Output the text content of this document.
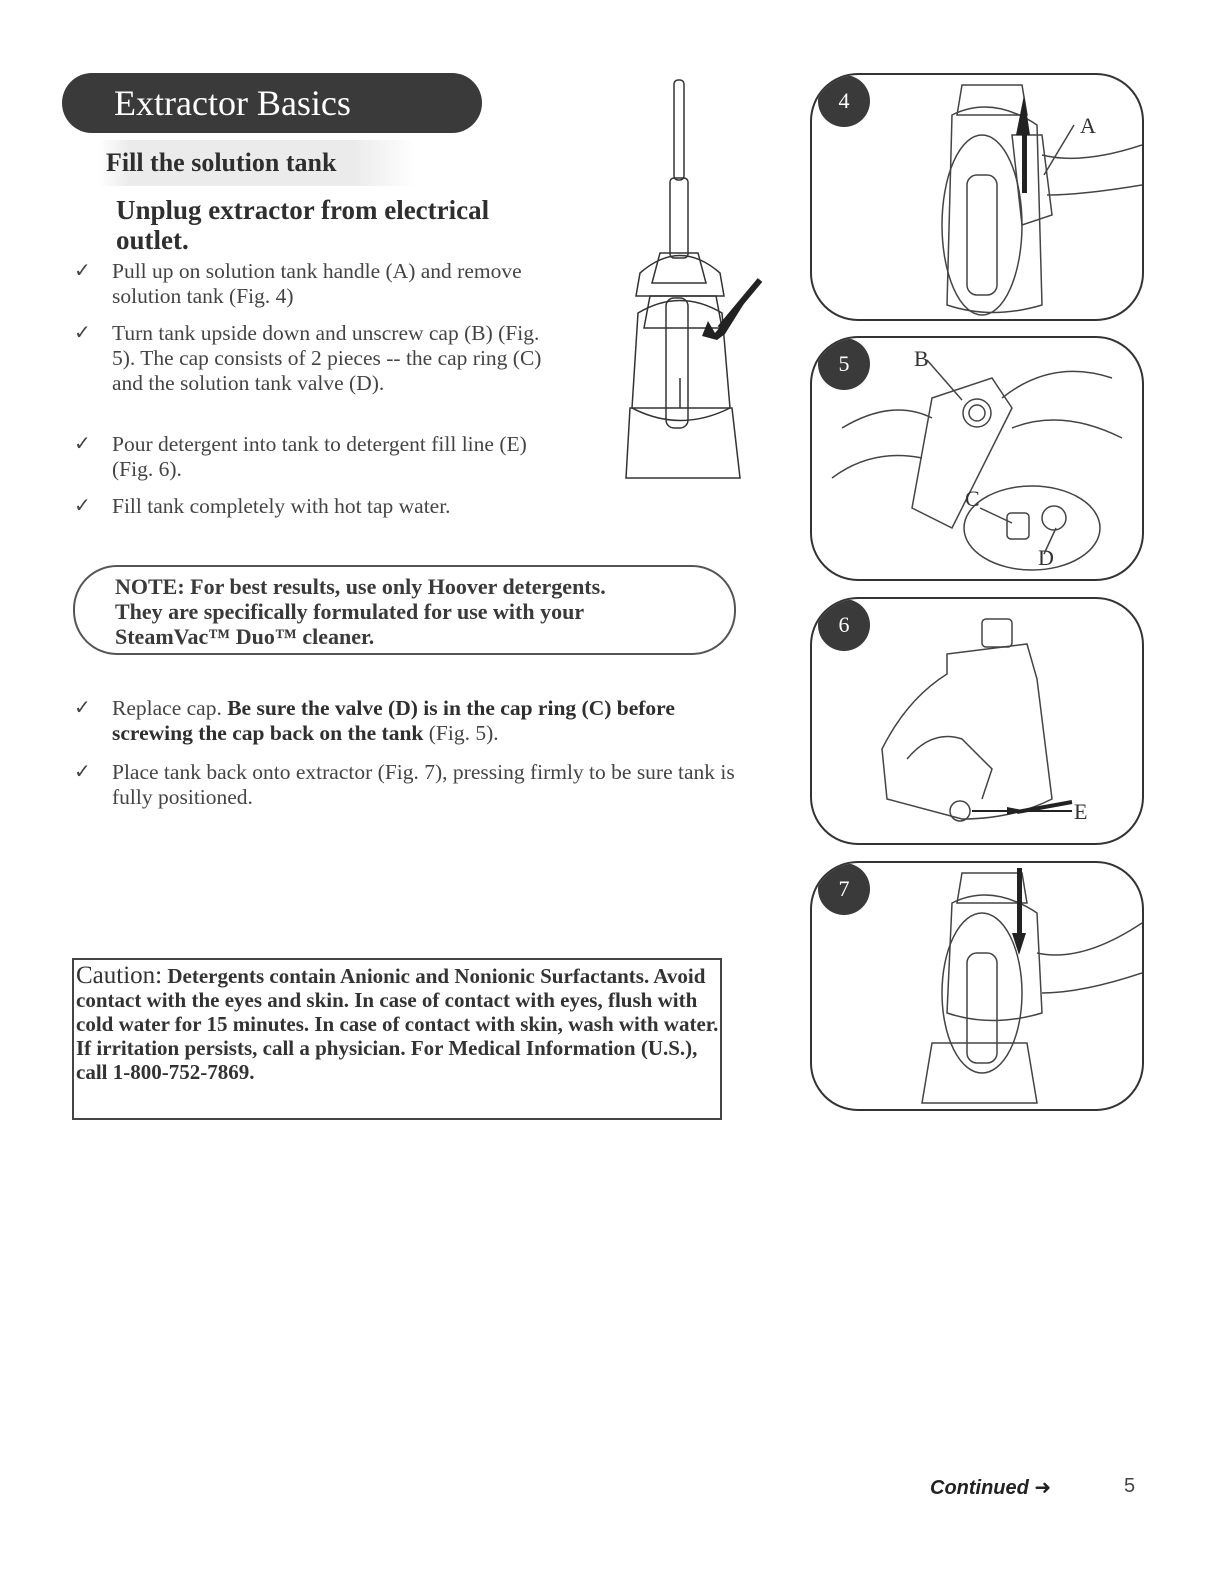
Extractor Basics
Fill the solution tank
Unplug extractor from electrical outlet.
✓ Pull up on solution tank handle (A) and remove solution tank (Fig. 4)
✓ Turn tank upside down and unscrew cap (B) (Fig. 5). The cap consists of 2 pieces -- the cap ring (C) and the solution tank valve (D).
✓ Pour detergent into tank to detergent fill line (E) (Fig. 6).
✓ Fill tank completely with hot tap water.
NOTE: For best results, use only Hoover detergents.
They are specifically formulated for use with your
SteamVac™ Duo™ cleaner.
✓ Replace cap. Be sure the valve (D) is in the cap ring (C) before screwing the cap back on the tank (Fig. 5).
✓ Place tank back onto extractor (Fig. 7), pressing firmly to be sure tank is fully positioned.
Caution: Detergents contain Anionic and Nonionic Surfactants. Avoid contact with the eyes and skin. In case of contact with eyes, flush with cold water for 15 minutes. In case of contact with skin, wash with water. If irritation persists, call a physician. For Medical Information (U.S.), call 1-800-752-7869.
4
A
5	B
C
D
6
E
7
Continued ➜	5
